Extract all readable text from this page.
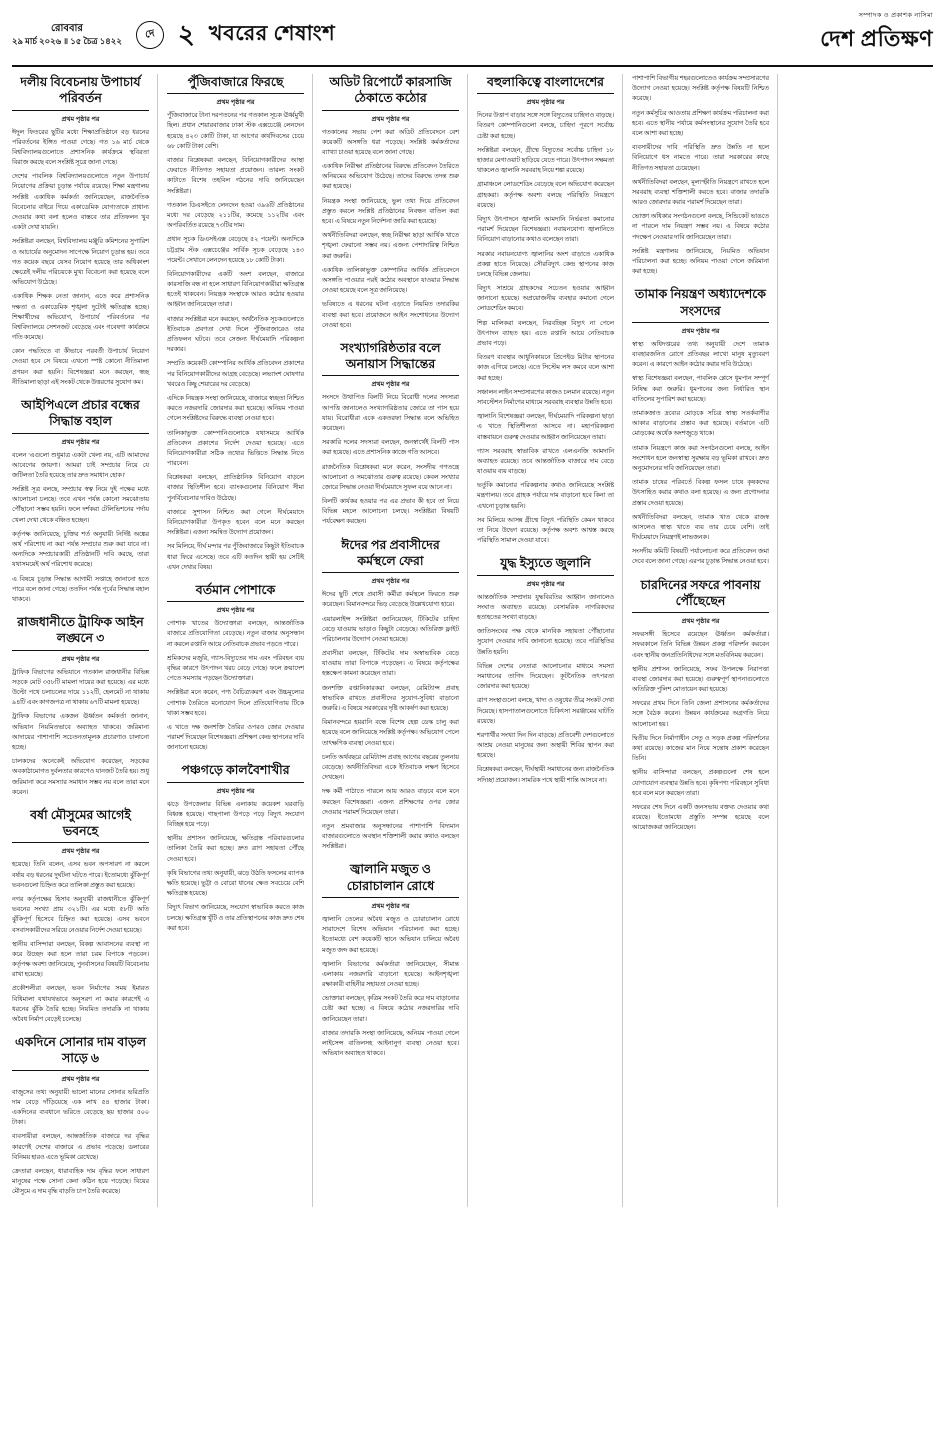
রোববার
২৯ মার্চ ২০২৬ ॥ ১৫ চৈত্র ১৪২২
দে ২ খবরের শেষাংশ
সম্পাদক ও প্রকাশক নাসিমা
দেশ প্রতিক্ষণ
দলীয় বিবেচনায় উপাচার্য পরিবর্তন
প্রথম পৃষ্ঠার পর

ঈদুল ফিতরের ছুটির মধ্যে শিক্ষাপ্রতিষ্ঠানে বড় ধরনের পরিবর্তনের ইঙ্গিত পাওয়া গেছে। গত ১৬ মার্চ থেকে বিশ্ববিদ্যালয়গুলোতে প্রশাসনিক কার্যক্রমে স্থবিরতা বিরাজ করছে বলে সংশ্লিষ্ট সূত্রে জানা গেছে।

দেশের পাবলিক বিশ্ববিদ্যালয়গুলোতে নতুন উপাচার্য নিয়োগের প্রক্রিয়া চূড়ান্ত পর্যায়ে রয়েছে। শিক্ষা মন্ত্রণালয় সংশ্লিষ্ট একাধিক কর্মকর্তা জানিয়েছেন, রাজনৈতিক বিবেচনার বাইরে গিয়ে একাডেমিক যোগ্যতাকে প্রাধান্য দেওয়ার কথা বলা হলেও বাস্তবে তার প্রতিফলন খুব একটা দেখা যায়নি।

সংশ্লিষ্টরা বলছেন, বিশ্ববিদ্যালয় মঞ্জুরি কমিশনের সুপারিশ ও আচার্যের অনুমোদন সাপেক্ষে নিয়োগ চূড়ান্ত হয়। তবে গত কয়েক বছরে যেসব নিয়োগ হয়েছে তার অধিকাংশ ক্ষেত্রেই দলীয় পরিচয়কে মুখ্য বিবেচনা করা হয়েছে বলে অভিযোগ উঠেছে।

একাধিক শিক্ষক নেতা জানান, এতে করে প্রশাসনিক দক্ষতা ও একাডেমিক শৃঙ্খলা দুটোই ক্ষতিগ্রস্ত হচ্ছে। শিক্ষার্থীদের অভিযোগ, উপাচার্য পরিবর্তনের পর বিশ্ববিদ্যালয়ে সেশনজট বেড়েছে এবং গবেষণা কার্যক্রমে গতি কমেছে।

কোন পদ্ধতিতে বা কীভাবে পরবর্তী উপাচার্য নিয়োগ দেওয়া হবে সে বিষয়ে এখনো স্পষ্ট কোনো নীতিমালা প্রণয়ন করা হয়নি। বিশেষজ্ঞরা মনে করছেন, স্বচ্ছ নীতিমালা ছাড়া এই সংকট থেকে উত্তরণের সুযোগ কম।

আইপিএলে প্রচার বন্ধের সিদ্ধান্ত বহাল
প্রথম পৃষ্ঠার পর

বলেন 'এগুলো শুধুমাত্র একটা খেলা নয়, এটি আমাদের আবেগের জায়গা। আমরা চাই সম্প্রচার নিয়ে যে জটিলতা তৈরি হয়েছে তার দ্রুত সমাধান হোক।'

সংশ্লিষ্ট সূত্র বলছে, সম্প্রচার স্বত্ব নিয়ে দুই পক্ষের মধ্যে আলোচনা চলছে। তবে এখন পর্যন্ত কোনো সমঝোতায় পৌঁছানো সম্ভব হয়নি। ফলে দর্শকরা টেলিভিশনের পর্দায় খেলা দেখা থেকে বঞ্চিত হচ্ছেন।

কর্তৃপক্ষ জানিয়েছে, চুক্তির শর্ত অনুযায়ী নির্দিষ্ট অঙ্কের অর্থ পরিশোধ না করা পর্যন্ত সম্প্রচার শুরু করা যাবে না। অন্যদিকে সম্প্রচারকারী প্রতিষ্ঠানটি দাবি করছে, তারা যথাসময়েই অর্থ পরিশোধ করেছে।

এ বিষয়ে চূড়ান্ত সিদ্ধান্ত আগামী সপ্তাহে জানানো হতে পারে বলে জানা গেছে। ততদিন পর্যন্ত পূর্বের সিদ্ধান্ত বহাল থাকবে।

রাজধানীতে ট্রাফিক আইন লঙ্ঘনে ৩
প্রথম পৃষ্ঠার পর

ট্রাফিক বিভাগের অভিযানে গতকাল রাজধানীর বিভিন্ন সড়কে মোট ৩৫৮টি মামলা দায়ের করা হয়েছে। এর মধ্যে উল্টো পথে চলাচলের দায়ে ১১২টি, হেলমেট না থাকায় ৯৪টি এবং কাগজপত্র না থাকায় ৬৭টি মামলা হয়েছে।

ট্রাফিক বিভাগের একজন ঊর্ধ্বতন কর্মকর্তা জানান, অভিযান নিয়মিতভাবে অব্যাহত থাকবে। জরিমানা আদায়ের পাশাপাশি সচেতনতামূলক প্রচারণাও চালানো হচ্ছে।

চালকদের অনেকেই অভিযোগ করেছেন, সড়কের অবকাঠামোগত দুর্বলতার কারণেও যানজট তৈরি হয়। শুধু জরিমানা করে সমস্যার সমাধান সম্ভব নয় বলে তারা মনে করেন।

বর্ষা মৌসুমের আগেই ভবনহে
প্রথম পৃষ্ঠার পর

হয়েছে। তিনি বলেন, এসব ভবন অপসারণ না করলে বর্ষায় বড় ধরনের দুর্ঘটনা ঘটতে পারে। ইতোমধ্যে ঝুঁকিপূর্ণ ভবনগুলো চিহ্নিত করে তালিকা প্রস্তুত করা হয়েছে।

নগর কর্তৃপক্ষের হিসাব অনুযায়ী রাজধানীতে ঝুঁকিপূর্ণ ভবনের সংখ্যা প্রায় ৩২১টি। এর মধ্যে ৫৮টি অতি ঝুঁকিপূর্ণ হিসেবে চিহ্নিত করা হয়েছে। এসব ভবনে বসবাসকারীদের সরিয়ে নেওয়ার নির্দেশ দেওয়া হয়েছে।

স্থানীয় বাসিন্দারা বলছেন, বিকল্প আবাসনের ব্যবস্থা না করে উচ্ছেদ করা হলে তারা চরম বিপাকে পড়বেন। কর্তৃপক্ষ অবশ্য জানিয়েছে, পুনর্বাসনের বিষয়টি বিবেচনায় রাখা হয়েছে।

প্রকৌশলীরা বলছেন, ভবন নির্মাণের সময় ইমারত বিধিমালা যথাযথভাবে অনুসরণ না করার কারণেই এ ধরনের ঝুঁকি তৈরি হচ্ছে। নিয়মিত তদারকি না থাকায় অবৈধ নির্মাণ বেড়েই চলেছে।

একদিনে সোনার দাম বাড়ল সাড়ে ৬
প্রথম পৃষ্ঠার পর

বাজুসের তথ্য অনুযায়ী ভালো মানের সোনার ভরিপ্রতি দাম বেড়ে দাঁড়িয়েছে এক লাখ ৫৪ হাজার টাকা। একদিনের ব্যবধানে ভরিতে বেড়েছে ছয় হাজার ৫০০ টাকা।

ব্যবসায়ীরা বলছেন, আন্তর্জাতিক বাজারে দর বৃদ্ধির কারণেই দেশের বাজারে এ প্রভাব পড়েছে। ডলারের বিনিময় হারও এতে ভূমিকা রেখেছে।

ক্রেতারা বলছেন, ধারাবাহিক দাম বৃদ্ধির ফলে সাধারণ মানুষের পক্ষে সোনা কেনা কঠিন হয়ে পড়েছে। বিয়ের মৌসুমে এ দাম বৃদ্ধি বাড়তি চাপ তৈরি করেছে।

পুঁজিবাজারে ফিরছে
প্রথম পৃষ্ঠার পর

পুঁজিবাজারে টানা দরপতনের পর গতকাল সূচক ঊর্ধ্বমুখী ছিল। প্রধান শেয়ারবাজার ঢাকা স্টক এক্সচেঞ্জে লেনদেন হয়েছে ৪২৩ কোটি টাকা, যা আগের কার্যদিবসের চেয়ে ৬৮ কোটি টাকা বেশি।

বাজার বিশ্লেষকরা বলছেন, বিনিয়োগকারীদের আস্থা ফেরাতে নীতিগত সহায়তা প্রয়োজন। তারল্য সংকট কাটাতে বিশেষ তহবিল গঠনের দাবি জানিয়েছেন সংশ্লিষ্টরা।

গতকাল ডিএসইতে লেনদেন হওয়া ৩৯৬টি প্রতিষ্ঠানের মধ্যে দর বেড়েছে ২১১টির, কমেছে ১১২টির এবং অপরিবর্তিত রয়েছে ৭৩টির দাম।

প্রধান সূচক ডিএসইএক্স বেড়েছে ৫২ পয়েন্ট। অন্যদিকে চট্টগ্রাম স্টক এক্সচেঞ্জের সার্বিক সূচক বেড়েছে ১৪৩ পয়েন্ট। সেখানে লেনদেন হয়েছে ১৮ কোটি টাকা।

বিনিয়োগকারীদের একটি অংশ বলছেন, বাজারে কারসাজি বন্ধ না হলে সাধারণ বিনিয়োগকারীরা ক্ষতিগ্রস্ত হতেই থাকবেন। নিয়ন্ত্রক সংস্থাকে আরও কঠোর হওয়ার আহ্বান জানিয়েছেন তারা।

বাজার সংশ্লিষ্টরা মনে করছেন, অর্থনৈতিক সূচকগুলোতে ইতিবাচক প্রবণতা দেখা দিলে পুঁজিবাজারেও তার প্রতিফলন ঘটবে। তবে সেজন্য দীর্ঘমেয়াদি পরিকল্পনা দরকার।

সম্প্রতি কয়েকটি কোম্পানির আর্থিক প্রতিবেদন প্রকাশের পর বিনিয়োগকারীদের আগ্রহ বেড়েছে। লভ্যাংশ ঘোষণার খবরেও কিছু শেয়ারের দর বেড়েছে।

এদিকে নিয়ন্ত্রক সংস্থা জানিয়েছে, বাজারে স্বচ্ছতা নিশ্চিত করতে নজরদারি জোরদার করা হয়েছে। অনিয়ম পাওয়া গেলে সংশ্লিষ্টদের বিরুদ্ধে ব্যবস্থা নেওয়া হবে।

তালিকাভুক্ত কোম্পানিগুলোকে যথাসময়ে আর্থিক প্রতিবেদন প্রকাশের নির্দেশ দেওয়া হয়েছে। এতে বিনিয়োগকারীরা সঠিক তথ্যের ভিত্তিতে সিদ্ধান্ত নিতে পারবেন।

বিশ্লেষকরা বলছেন, প্রাতিষ্ঠানিক বিনিয়োগ বাড়লে বাজার স্থিতিশীল হবে। ব্যাংকগুলোর বিনিয়োগ সীমা পুনর্বিবেচনার দাবিও উঠেছে।

বাজারে সুশাসন নিশ্চিত করা গেলে দীর্ঘমেয়াদে বিনিয়োগকারীরা উপকৃত হবেন বলে মনে করছেন সংশ্লিষ্টরা। এজন্য সমন্বিত উদ্যোগ প্রয়োজন।

সব মিলিয়ে, দীর্ঘ মন্দার পর পুঁজিবাজারে কিছুটা ইতিবাচক ধারা ফিরে এসেছে। তবে এটি কতদিন স্থায়ী হয় সেটিই এখন দেখার বিষয়।

বর্তমান পোশাকে
প্রথম পৃষ্ঠার পর

পোশাক খাতের উদ্যোক্তারা বলছেন, আন্তর্জাতিক বাজারে প্রতিযোগিতা বেড়েছে। নতুন বাজার অনুসন্ধান না করলে রপ্তানি আয়ে নেতিবাচক প্রভাব পড়তে পারে।

শ্রমিকদের মজুরি, গ্যাস-বিদ্যুতের দাম এবং পরিবহন ব্যয় বৃদ্ধির কারণে উৎপাদন খরচ বেড়ে গেছে। ফলে ক্রয়াদেশ পেতে সমস্যায় পড়ছেন উদ্যোক্তারা।

সংশ্লিষ্টরা মনে করেন, পণ্য বৈচিত্র্যকরণ এবং উচ্চমূল্যের পোশাক তৈরিতে মনোযোগ দিলে প্রতিযোগিতায় টিকে থাকা সম্ভব হবে।

এ খাতে দক্ষ জনশক্তি তৈরির ওপরও জোর দেওয়ার পরামর্শ দিয়েছেন বিশেষজ্ঞরা। প্রশিক্ষণ কেন্দ্র স্থাপনের দাবি জানানো হয়েছে।

পঞ্চগড়ে কালবৈশাখীর
প্রথম পৃষ্ঠার পর

ঝড়ে উপজেলার বিভিন্ন এলাকায় কয়েকশ ঘরবাড়ি বিধ্বস্ত হয়েছে। গাছপালা উপড়ে পড়ে বিদ্যুৎ সংযোগ বিচ্ছিন্ন হয়ে পড়ে।

স্থানীয় প্রশাসন জানিয়েছে, ক্ষতিগ্রস্ত পরিবারগুলোর তালিকা তৈরি করা হচ্ছে। দ্রুত ত্রাণ সহায়তা পৌঁছে দেওয়া হবে।

কৃষি বিভাগের তথ্য অনুযায়ী, ঝড়ে উঠতি ফসলের ব্যাপক ক্ষতি হয়েছে। ভুট্টা ও বোরো ধানের ক্ষেত সবচেয়ে বেশি ক্ষতিগ্রস্ত হয়েছে।

বিদ্যুৎ বিভাগ জানিয়েছে, সংযোগ স্বাভাবিক করতে কাজ চলছে। ক্ষতিগ্রস্ত খুঁটি ও তার প্রতিস্থাপনের কাজ দ্রুত শেষ করা হবে।

অডিট রিপোর্টে কারসাজি ঠেকাতে কঠোর
প্রথম পৃষ্ঠার পর

গতকালের সভায় পেশ করা অডিট প্রতিবেদনে বেশ কয়েকটি অসঙ্গতি ধরা পড়েছে। সংশ্লিষ্ট কর্মকর্তাদের ব্যাখ্যা চাওয়া হয়েছে বলে জানা গেছে।

একাধিক নিরীক্ষা প্রতিষ্ঠানের বিরুদ্ধে প্রতিবেদন তৈরিতে অনিয়মের অভিযোগ উঠেছে। তাদের বিরুদ্ধে তদন্ত শুরু করা হয়েছে।

নিয়ন্ত্রক সংস্থা জানিয়েছে, ভুল তথ্য দিয়ে প্রতিবেদন প্রস্তুত করলে সংশ্লিষ্ট প্রতিষ্ঠানের নিবন্ধন বাতিল করা হবে। এ বিষয়ে নতুন নির্দেশনা জারি করা হয়েছে।

অর্থনীতিবিদরা বলছেন, স্বচ্ছ নিরীক্ষা ছাড়া আর্থিক খাতে শৃঙ্খলা ফেরানো সম্ভব নয়। এজন্য পেশাদারিত্ব নিশ্চিত করা জরুরি।

একাধিক তালিকাভুক্ত কোম্পানির আর্থিক প্রতিবেদনে অসঙ্গতি পাওয়ার পরই কঠোর অবস্থানে যাওয়ার সিদ্ধান্ত নেওয়া হয়েছে বলে সূত্র জানিয়েছে।

ভবিষ্যতে এ ধরনের ঘটনা এড়াতে নিয়মিত তদারকির ব্যবস্থা করা হবে। প্রয়োজনে আইন সংশোধনের উদ্যোগ নেওয়া হবে।

সংখ্যাগরিষ্ঠতার বলে অনায়াস সিদ্ধান্তের
প্রথম পৃষ্ঠার পর

সংসদে উত্থাপিত বিলটি নিয়ে বিরোধী দলের সদস্যরা আপত্তি জানালেও সংখ্যাগরিষ্ঠতার জোরে তা পাস হয়ে যায়। বিরোধীরা একে একতরফা সিদ্ধান্ত বলে অভিহিত করেছেন।

সরকারি দলের সদস্যরা বলছেন, জনস্বার্থেই বিলটি পাস করা হয়েছে। এতে প্রশাসনিক কাজে গতি আসবে।

রাজনৈতিক বিশ্লেষকরা মনে করেন, সংসদীয় গণতন্ত্রে আলোচনা ও সমঝোতার গুরুত্ব রয়েছে। কেবল সংখ্যার জোরে সিদ্ধান্ত নেওয়া দীর্ঘমেয়াদে সুফল বয়ে আনে না।

বিলটি কার্যকর হওয়ার পর এর প্রভাব কী হবে তা নিয়ে বিভিন্ন মহলে আলোচনা চলছে। সংশ্লিষ্টরা বিষয়টি পর্যবেক্ষণ করছেন।

ঈদের পর প্রবাসীদের কর্মস্থলে ফেরা
প্রথম পৃষ্ঠার পর

ঈদের ছুটি শেষে প্রবাসী কর্মীরা কর্মস্থলে ফিরতে শুরু করেছেন। বিমানবন্দরে ভিড় বেড়েছে উল্লেখযোগ্য হারে।

এয়ারলাইন্স সংশ্লিষ্টরা জানিয়েছেন, টিকিটের চাহিদা বেড়ে যাওয়ায় ভাড়াও কিছুটা বেড়েছে। অতিরিক্ত ফ্লাইট পরিচালনার উদ্যোগ নেওয়া হয়েছে।

প্রবাসীরা বলছেন, টিকিটের দাম অস্বাভাবিক বেড়ে যাওয়ায় তারা বিপাকে পড়েছেন। এ বিষয়ে কর্তৃপক্ষের হস্তক্ষেপ কামনা করেছেন তারা।

জনশক্তি রপ্তানিকারকরা বলছেন, রেমিট্যান্স প্রবাহ স্বাভাবিক রাখতে প্রবাসীদের সুযোগ-সুবিধা বাড়ানো জরুরি। এ বিষয়ে সরকারের দৃষ্টি আকর্ষণ করা হয়েছে।

বিমানবন্দরে হয়রানি বন্ধে বিশেষ হেল্প ডেস্ক চালু করা হয়েছে বলে জানিয়েছে সংশ্লিষ্ট কর্তৃপক্ষ। অভিযোগ পেলে তাৎক্ষণিক ব্যবস্থা নেওয়া হবে।

চলতি অর্থবছরে রেমিট্যান্স প্রবাহ আগের বছরের তুলনায় বেড়েছে। অর্থনীতিবিদরা একে ইতিবাচক লক্ষণ হিসেবে দেখছেন।

দক্ষ কর্মী পাঠাতে পারলে আয় আরও বাড়বে বলে মনে করছেন বিশেষজ্ঞরা। এজন্য প্রশিক্ষণের ওপর জোর দেওয়ার পরামর্শ দিয়েছেন তারা।

নতুন শ্রমবাজার অনুসন্ধানের পাশাপাশি বিদ্যমান বাজারগুলোতে অবস্থান শক্তিশালী করার কথাও বলছেন সংশ্লিষ্টরা।

জ্বালানি মজুত ও চোরাচালান রোধে
প্রথম পৃষ্ঠার পর

জ্বালানি তেলের অবৈধ মজুত ও চোরাচালান রোধে সারাদেশে বিশেষ অভিযান পরিচালনা করা হচ্ছে। ইতোমধ্যে বেশ কয়েকটি স্থানে অভিযান চালিয়ে অবৈধ মজুত জব্দ করা হয়েছে।

জ্বালানি বিভাগের কর্মকর্তারা জানিয়েছেন, সীমান্ত এলাকায় নজরদারি বাড়ানো হয়েছে। আইনশৃঙ্খলা রক্ষাকারী বাহিনীর সহায়তা নেওয়া হচ্ছে।

ভোক্তারা বলছেন, কৃত্রিম সংকট তৈরি করে দাম বাড়ানোর চেষ্টা করা হচ্ছে। এ বিষয়ে কঠোর নজরদারির দাবি জানিয়েছেন তারা।

বাজার তদারকি সংস্থা জানিয়েছে, অনিয়ম পাওয়া গেলে লাইসেন্স বাতিলসহ আইনানুগ ব্যবস্থা নেওয়া হবে। অভিযান অব্যাহত থাকবে।

বহুলাকিত্বে বাংলাদেশের
প্রথম পৃষ্ঠার পর

দিনের উত্তাপ বাড়ার সঙ্গে সঙ্গে বিদ্যুতের চাহিদাও বাড়ছে। বিতরণ কোম্পানিগুলো বলছে, চাহিদা পূরণে সর্বোচ্চ চেষ্টা করা হচ্ছে।

সংশ্লিষ্টরা বলছেন, গ্রীষ্মে বিদ্যুতের সর্বোচ্চ চাহিদা ১৮ হাজার মেগাওয়াট ছাড়িয়ে যেতে পারে। উৎপাদন সক্ষমতা থাকলেও জ্বালানি সরবরাহ নিয়ে শঙ্কা রয়েছে।

গ্রামাঞ্চলে লোডশেডিং বেড়েছে বলে অভিযোগ করেছেন গ্রাহকরা। কর্তৃপক্ষ অবশ্য বলছে পরিস্থিতি নিয়ন্ত্রণে রয়েছে।

বিদ্যুৎ উৎপাদনে জ্বালানি আমদানি নির্ভরতা কমানোর পরামর্শ দিয়েছেন বিশেষজ্ঞরা। নবায়নযোগ্য জ্বালানিতে বিনিয়োগ বাড়ানোর কথাও বলেছেন তারা।

সরকার নবায়নযোগ্য জ্বালানির অংশ বাড়াতে একাধিক প্রকল্প হাতে নিয়েছে। সৌরবিদ্যুৎ কেন্দ্র স্থাপনের কাজ চলছে বিভিন্ন জেলায়।

বিদ্যুৎ সাশ্রয়ে গ্রাহকদের সচেতন হওয়ার আহ্বান জানানো হয়েছে। অপ্রয়োজনীয় ব্যবহার কমানো গেলে লোডশেডিং কমবে।

শিল্প মালিকরা বলছেন, নিরবচ্ছিন্ন বিদ্যুৎ না পেলে উৎপাদন ব্যাহত হয়। এতে রপ্তানি আয়ে নেতিবাচক প্রভাব পড়ে।

বিতরণ ব্যবস্থার আধুনিকায়নে প্রিপেইড মিটার স্থাপনের কাজ এগিয়ে চলছে। এতে সিস্টেম লস কমবে বলে আশা করা হচ্ছে।

সঞ্চালন লাইন সম্প্রসারণের কাজও চলমান রয়েছে। নতুন সাবস্টেশন নির্মাণের মাধ্যমে সরবরাহ ব্যবস্থার উন্নতি হবে।

জ্বালানি বিশেষজ্ঞরা বলছেন, দীর্ঘমেয়াদি পরিকল্পনা ছাড়া এ খাতে স্থিতিশীলতা আসবে না। মহাপরিকল্পনা বাস্তবায়নে গুরুত্ব দেওয়ার আহ্বান জানিয়েছেন তারা।

গ্যাস সরবরাহ স্বাভাবিক রাখতে এলএনজি আমদানি অব্যাহত রয়েছে। তবে আন্তর্জাতিক বাজারে দাম বেড়ে যাওয়ায় ব্যয় বাড়ছে।

ভর্তুকি কমানোর পরিকল্পনার কথাও জানিয়েছে সংশ্লিষ্ট মন্ত্রণালয়। তবে গ্রাহক পর্যায়ে দাম বাড়ানো হবে কিনা তা এখনো চূড়ান্ত হয়নি।

সব মিলিয়ে আসন্ন গ্রীষ্মে বিদ্যুৎ পরিস্থিতি কেমন থাকবে তা নিয়ে উদ্বেগ রয়েছে। কর্তৃপক্ষ অবশ্য আশ্বস্ত করছে পরিস্থিতি সামাল দেওয়া যাবে।

যুদ্ধ ইস্যুতে জুলানি
প্রথম পৃষ্ঠার পর

আন্তর্জাতিক সম্প্রদায় যুদ্ধবিরতির আহ্বান জানালেও সংঘাত অব্যাহত রয়েছে। বেসামরিক নাগরিকদের হতাহতের সংখ্যা বাড়ছে।

জাতিসংঘের পক্ষ থেকে মানবিক সহায়তা পৌঁছানোর সুযোগ দেওয়ার দাবি জানানো হয়েছে। তবে পরিস্থিতির উন্নতি হয়নি।

বিভিন্ন দেশের নেতারা আলোচনার মাধ্যমে সমস্যা সমাধানের তাগিদ দিয়েছেন। কূটনৈতিক তৎপরতা জোরদার করা হয়েছে।

ত্রাণ সংস্থাগুলো বলছে, খাদ্য ও ওষুধের তীব্র সংকট দেখা দিয়েছে। হাসপাতালগুলোতে চিকিৎসা সরঞ্জামের ঘাটতি রয়েছে।

শরণার্থীর সংখ্যা দিন দিন বাড়ছে। প্রতিবেশী দেশগুলোতে আশ্রয় নেওয়া মানুষের জন্য অস্থায়ী শিবির স্থাপন করা হয়েছে।

বিশ্লেষকরা বলছেন, দীর্ঘস্থায়ী সমাধানের জন্য রাজনৈতিক সদিচ্ছা প্রয়োজন। সামরিক পথে স্থায়ী শান্তি আসবে না।

পাশাপাশি বিভাগীয় শহরগুলোতেও কার্যক্রম সম্প্রসারণের উদ্যোগ নেওয়া হয়েছে। সংশ্লিষ্ট কর্তৃপক্ষ বিষয়টি নিশ্চিত করেছে।

নতুন কর্মসূচির আওতায় প্রশিক্ষণ কার্যক্রম পরিচালনা করা হবে। এতে স্থানীয় পর্যায়ে কর্মসংস্থানের সুযোগ তৈরি হবে বলে আশা করা হচ্ছে।

ব্যবসায়ীদের দাবি পরিস্থিতি দ্রুত উন্নতি না হলে বিনিয়োগে ধস নামতে পারে। তারা সরকারের কাছে নীতিগত সহায়তা চেয়েছেন।

অর্থনীতিবিদরা বলছেন, মূল্যস্ফীতি নিয়ন্ত্রণে রাখতে হলে সরবরাহ ব্যবস্থা শক্তিশালী করতে হবে। বাজার তদারকি আরও জোরদার করার পরামর্শ দিয়েছেন তারা।

ভোক্তা অধিকার সংগঠনগুলো বলছে, সিন্ডিকেট ভাঙতে না পারলে দাম নিয়ন্ত্রণ সম্ভব নয়। এ বিষয়ে কঠোর পদক্ষেপ নেওয়ার দাবি জানিয়েছেন তারা।

সংশ্লিষ্ট মন্ত্রণালয় জানিয়েছে, নিয়মিত অভিযান পরিচালনা করা হচ্ছে। অনিয়ম পাওয়া গেলে জরিমানা করা হচ্ছে।

তামাক নিয়ন্ত্রণ অধ্যাদেশকে সংসদের
প্রথম পৃষ্ঠার পর

স্বাস্থ্য অধিদপ্তরের তথ্য অনুযায়ী দেশে তামাক ব্যবহারজনিত রোগে প্রতিবছর লাখো মানুষ মৃত্যুবরণ করেন। এ কারণে আইন কঠোর করার দাবি উঠেছে।

স্বাস্থ্য বিশেষজ্ঞরা বলছেন, পাবলিক প্লেসে ধূমপান সম্পূর্ণ নিষিদ্ধ করা জরুরি। ধূমপানের জন্য নির্ধারিত স্থান বাতিলের সুপারিশ করা হয়েছে।

তামাকজাত দ্রব্যের মোড়কে সচিত্র স্বাস্থ্য সতর্কবাণীর আকার বাড়ানোর প্রস্তাব করা হয়েছে। বর্তমানে এটি মোড়কের অর্ধেক অংশজুড়ে থাকে।

তামাক নিয়ন্ত্রণে কাজ করা সংগঠনগুলো বলছে, আইন সংশোধন হলে জনস্বাস্থ্য সুরক্ষায় বড় ভূমিকা রাখবে। দ্রুত অনুমোদনের দাবি জানিয়েছেন তারা।

তামাক চাষের পরিবর্তে বিকল্প ফসল চাষে কৃষকদের উৎসাহিত করার কথাও বলা হয়েছে। এ জন্য প্রণোদনার প্রস্তাব দেওয়া হয়েছে।

অর্থনীতিবিদরা বলছেন, তামাক খাত থেকে রাজস্ব আসলেও স্বাস্থ্য খাতে ব্যয় তার চেয়ে বেশি। তাই দীর্ঘমেয়াদে নিয়ন্ত্রণই লাভজনক।

সংসদীয় কমিটি বিষয়টি পর্যালোচনা করে প্রতিবেদন জমা দেবে বলে জানা গেছে। এরপর চূড়ান্ত সিদ্ধান্ত নেওয়া হবে।

চারদিনের সফরে পাবনায় পৌঁছেছেন
প্রথম পৃষ্ঠার পর

সফরসঙ্গী হিসেবে রয়েছেন ঊর্ধ্বতন কর্মকর্তারা। সফরকালে তিনি বিভিন্ন উন্নয়ন প্রকল্প পরিদর্শন করবেন এবং স্থানীয় জনপ্রতিনিধিদের সঙ্গে মতবিনিময় করবেন।

স্থানীয় প্রশাসন জানিয়েছে, সফর উপলক্ষে নিরাপত্তা ব্যবস্থা জোরদার করা হয়েছে। গুরুত্বপূর্ণ স্থাপনাগুলোতে অতিরিক্ত পুলিশ মোতায়েন করা হয়েছে।

সফরের প্রথম দিনে তিনি জেলা প্রশাসনের কর্মকর্তাদের সঙ্গে বৈঠক করেন। উন্নয়ন কার্যক্রমের অগ্রগতি নিয়ে আলোচনা হয়।

দ্বিতীয় দিনে নির্মাণাধীন সেতু ও সড়ক প্রকল্প পরিদর্শনের কথা রয়েছে। কাজের মান নিয়ে সন্তোষ প্রকাশ করেছেন তিনি।

স্থানীয় বাসিন্দারা বলছেন, প্রকল্পগুলো শেষ হলে যোগাযোগ ব্যবস্থার উন্নতি হবে। কৃষিপণ্য পরিবহনে সুবিধা হবে বলে মনে করছেন তারা।

সফরের শেষ দিনে একটি জনসভায় বক্তব্য দেওয়ার কথা রয়েছে। ইতোমধ্যে প্রস্তুতি সম্পন্ন হয়েছে বলে আয়োজকরা জানিয়েছেন।
